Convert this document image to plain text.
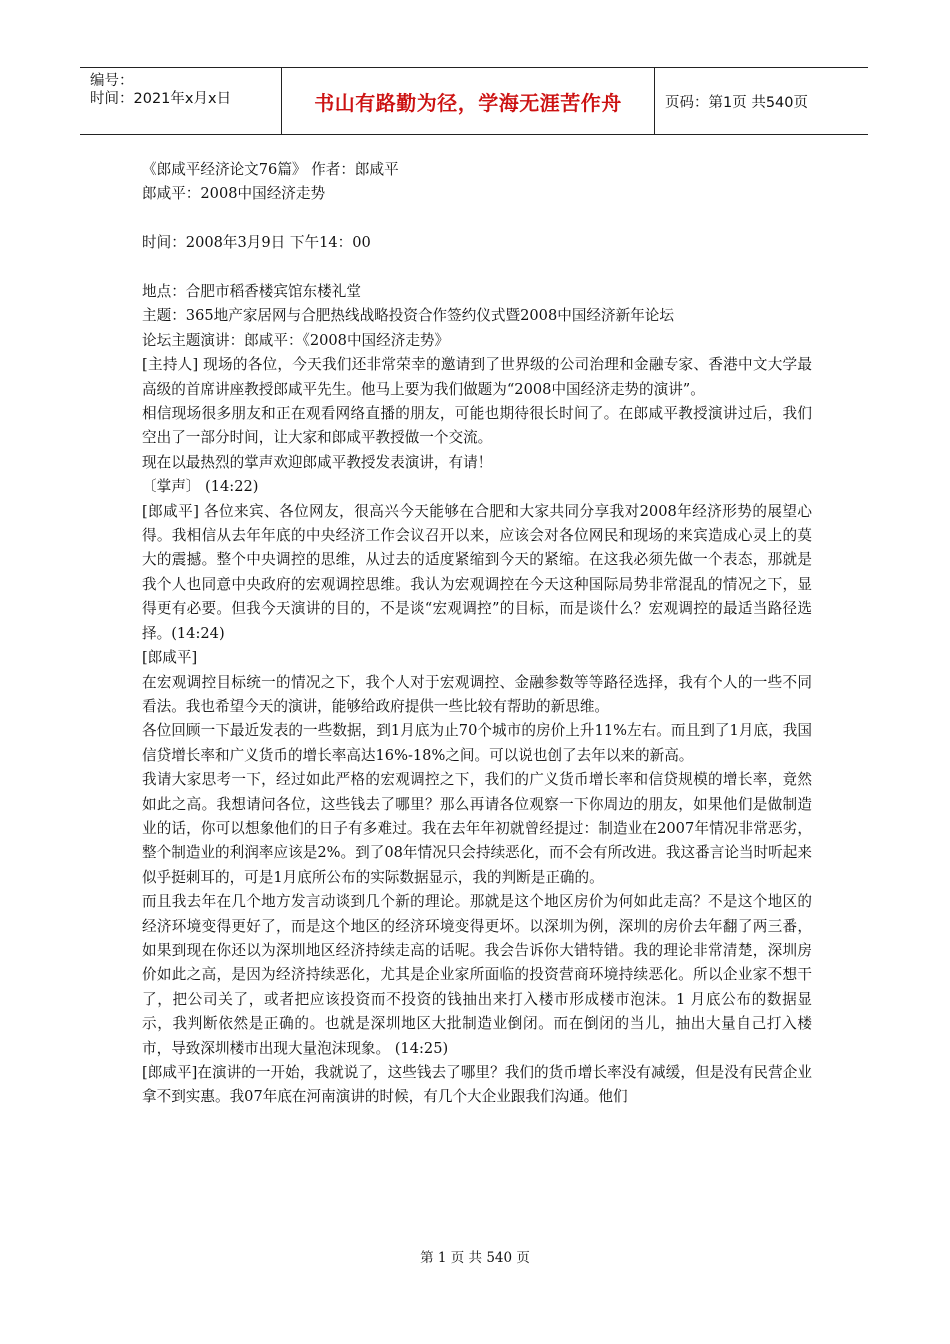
编号：
时间：2021年x月x日	书山有路勤为径，学海无涯苦作舟	页码：第1页 共540页

《郎咸平经济论文76篇》 作者：郎咸平

郎咸平：2008中国经济走势

时间：2008年3月9日 下午14：00

地点：合肥市稻香楼宾馆东楼礼堂

主题：365地产家居网与合肥热线战略投资合作签约仪式暨2008中国经济新年论坛

论坛主题演讲：郎咸平：《2008中国经济走势》

[主持人] 现场的各位，今天我们还非常荣幸的邀请到了世界级的公司治理和金融专家、香港中文大学最高级的首席讲座教授郎咸平先生。他马上要为我们做题为“2008中国经济走势的演讲”。

相信现场很多朋友和正在观看网络直播的朋友，可能也期待很长时间了。在郎咸平教授演讲过后，我们空出了一部分时间，让大家和郎咸平教授做一个交流。

现在以最热烈的掌声欢迎郎咸平教授发表演讲，有请！

〔掌声〕 (14:22)

[郎咸平] 各位来宾、各位网友，很高兴今天能够在合肥和大家共同分享我对2008年经济形势的展望心得。我相信从去年年底的中央经济工作会议召开以来，应该会对各位网民和现场的来宾造成心灵上的莫大的震撼。整个中央调控的思维，从过去的适度紧缩到今天的紧缩。在这我必须先做一个表态，那就是我个人也同意中央政府的宏观调控思维。我认为宏观调控在今天这种国际局势非常混乱的情况之下，显得更有必要。但我今天演讲的目的，不是谈“宏观调控”的目标，而是谈什么？宏观调控的最适当路径选择。(14:24)

[郎咸平]

在宏观调控目标统一的情况之下，我个人对于宏观调控、金融参数等等路径选择，我有个人的一些不同看法。我也希望今天的演讲，能够给政府提供一些比较有帮助的新思维。

各位回顾一下最近发表的一些数据，到1月底为止70个城市的房价上升11%左右。而且到了1月底，我国信贷增长率和广义货币的增长率高达16%-18%之间。可以说也创了去年以来的新高。

我请大家思考一下，经过如此严格的宏观调控之下，我们的广义货币增长率和信贷规模的增长率，竟然如此之高。我想请问各位，这些钱去了哪里？那么再请各位观察一下你周边的朋友，如果他们是做制造业的话，你可以想象他们的日子有多难过。我在去年年初就曾经提过：制造业在2007年情况非常恶劣，整个制造业的利润率应该是2%。到了08年情况只会持续恶化，而不会有所改进。我这番言论当时听起来似乎挺刺耳的，可是1月底所公布的实际数据显示，我的判断是正确的。

而且我去年在几个地方发言动谈到几个新的理论。那就是这个地区房价为何如此走高？不是这个地区的经济环境变得更好了，而是这个地区的经济环境变得更坏。以深圳为例，深圳的房价去年翻了两三番，如果到现在你还以为深圳地区经济持续走高的话呢。我会告诉你大错特错。我的理论非常清楚，深圳房价如此之高，是因为经济持续恶化，尤其是企业家所面临的投资营商环境持续恶化。所以企业家不想干了，把公司关了，或者把应该投资而不投资的钱抽出来打入楼市形成楼市泡沫。1 月底公布的数据显示，我判断依然是正确的。也就是深圳地区大批制造业倒闭。而在倒闭的当儿，抽出大量自己打入楼市，导致深圳楼市出现大量泡沫现象。 (14:25)

[郎咸平]在演讲的一开始，我就说了，这些钱去了哪里？我们的货币增长率没有减缓，但是没有民营企业拿不到实惠。我07年底在河南演讲的时候，有几个大企业跟我们沟通。他们

第 1 页 共 540 页
